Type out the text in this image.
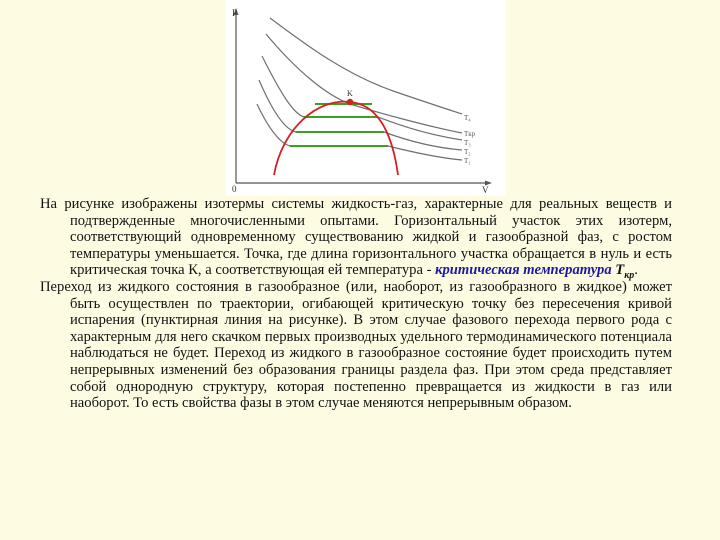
P
V
0
K
T₄
Tкр
T₃
T₂
T₁

На рисунке изображены изотермы системы жидкость-газ, характерные для реальных веществ и подтвержденные многочисленными опытами. Горизонтальный участок этих изотерм, соответствующий одновременному существованию жидкой и газообразной фаз, с ростом температуры уменьшается. Точка, где длина горизонтального участка обращается в нуль и есть критическая точка К, а соответствующая ей температура - критическая температура $T_{кр}$.

Переход из жидкого состояния в газообразное (или, наоборот, из газообразного в жидкое) может быть осуществлен по траектории, огибающей критическую точку без пересечения кривой испарения (пунктирная линия на рисунке). В этом случае фазового перехода первого рода с характерным для него скачком первых производных удельного термодинамического потенциала наблюдаться не будет. Переход из жидкого в газообразное состояние будет происходить путем непрерывных изменений без образования границы раздела фаз. При этом среда представляет собой однородную структуру, которая постепенно превращается из жидкости в газ или наоборот. То есть свойства фазы в этом случае меняются непрерывным образом.
